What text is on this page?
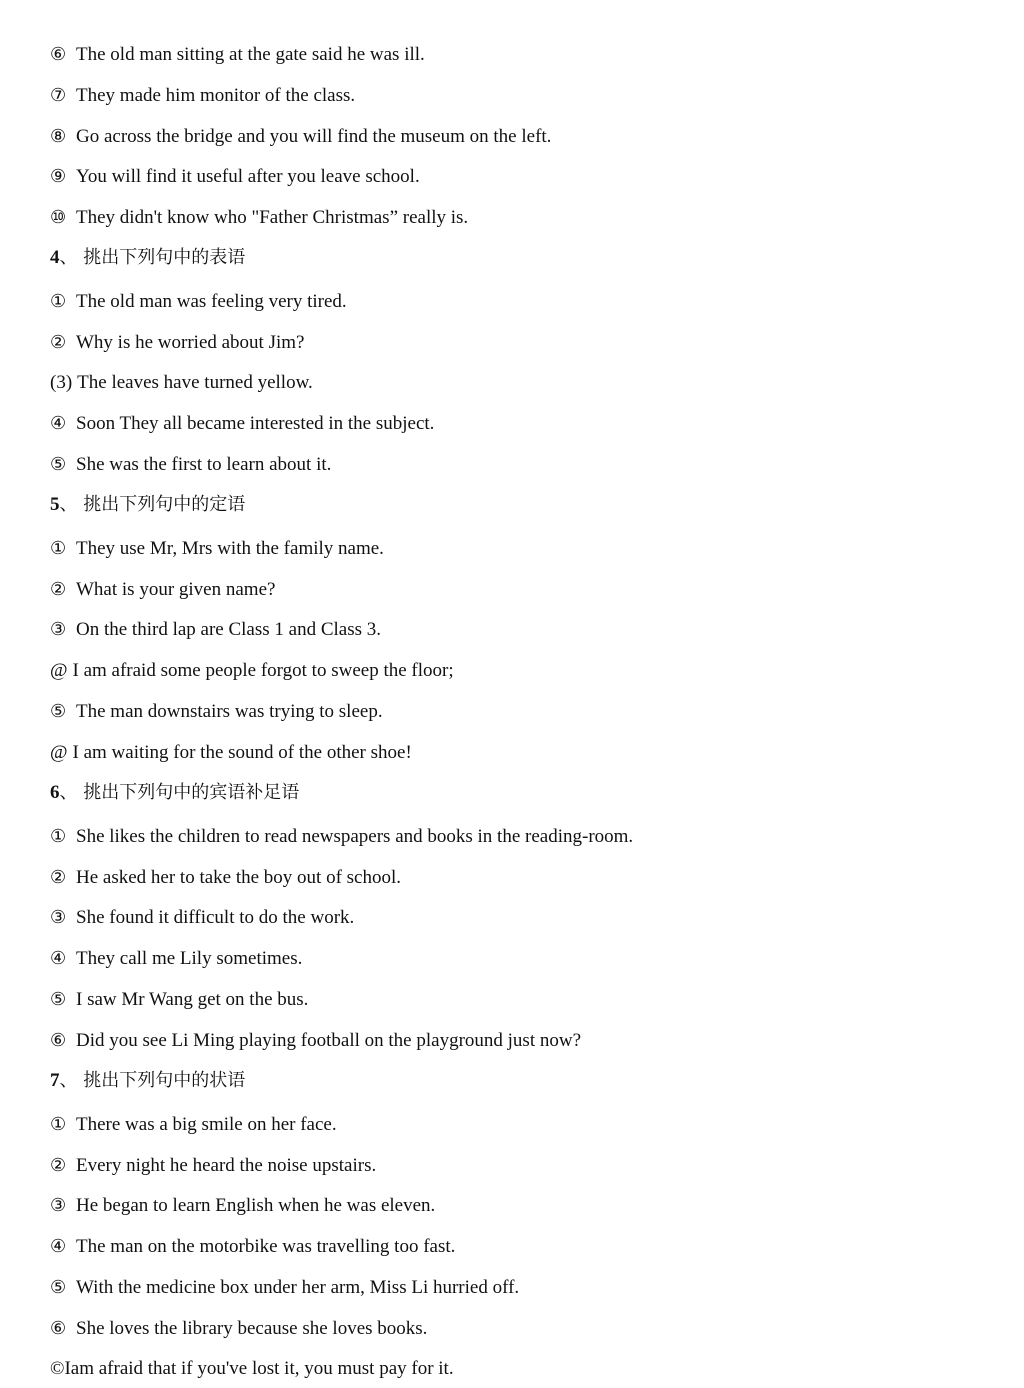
⑥ The old man sitting at the gate said he was ill.
⑦ They made him monitor of the class.
⑧ Go across the bridge and you will find the museum on the left.
⑨ You will find it useful after you leave school.
⑩ They didn't know who "Father Christmas” really is.
4、 挑出下列句中的表语
① The old man was feeling very tired.
② Why is he worried about Jim?
(3) The leaves have turned yellow.
④ Soon They all became interested in the subject.
⑤ She was the first to learn about it.
5、 挑出下列句中的定语
① They use Mr, Mrs with the family name.
② What is your given name?
③ On the third lap are Class 1 and Class 3.
@ I am afraid some people forgot to sweep the floor;
⑤ The man downstairs was trying to sleep.
@ I am waiting for the sound of the other shoe!
6、 挑出下列句中的宾语补足语
① She likes the children to read newspapers and books in the reading-room.
② He asked her to take the boy out of school.
③ She found it difficult to do the work.
④ They call me Lily sometimes.
⑤ I saw Mr Wang get on the bus.
⑥ Did you see Li Ming playing football on the playground just now?
7、 挑出下列句中的状语
① There was a big smile on her face.
② Every night he heard the noise upstairs.
③ He began to learn English when he was eleven.
④ The man on the motorbike was travelling too fast.
⑤ With the medicine box under her arm, Miss Li hurried off.
⑥ She loves the library because she loves books.
©Iam afraid that if you've lost it, you must pay for it.
